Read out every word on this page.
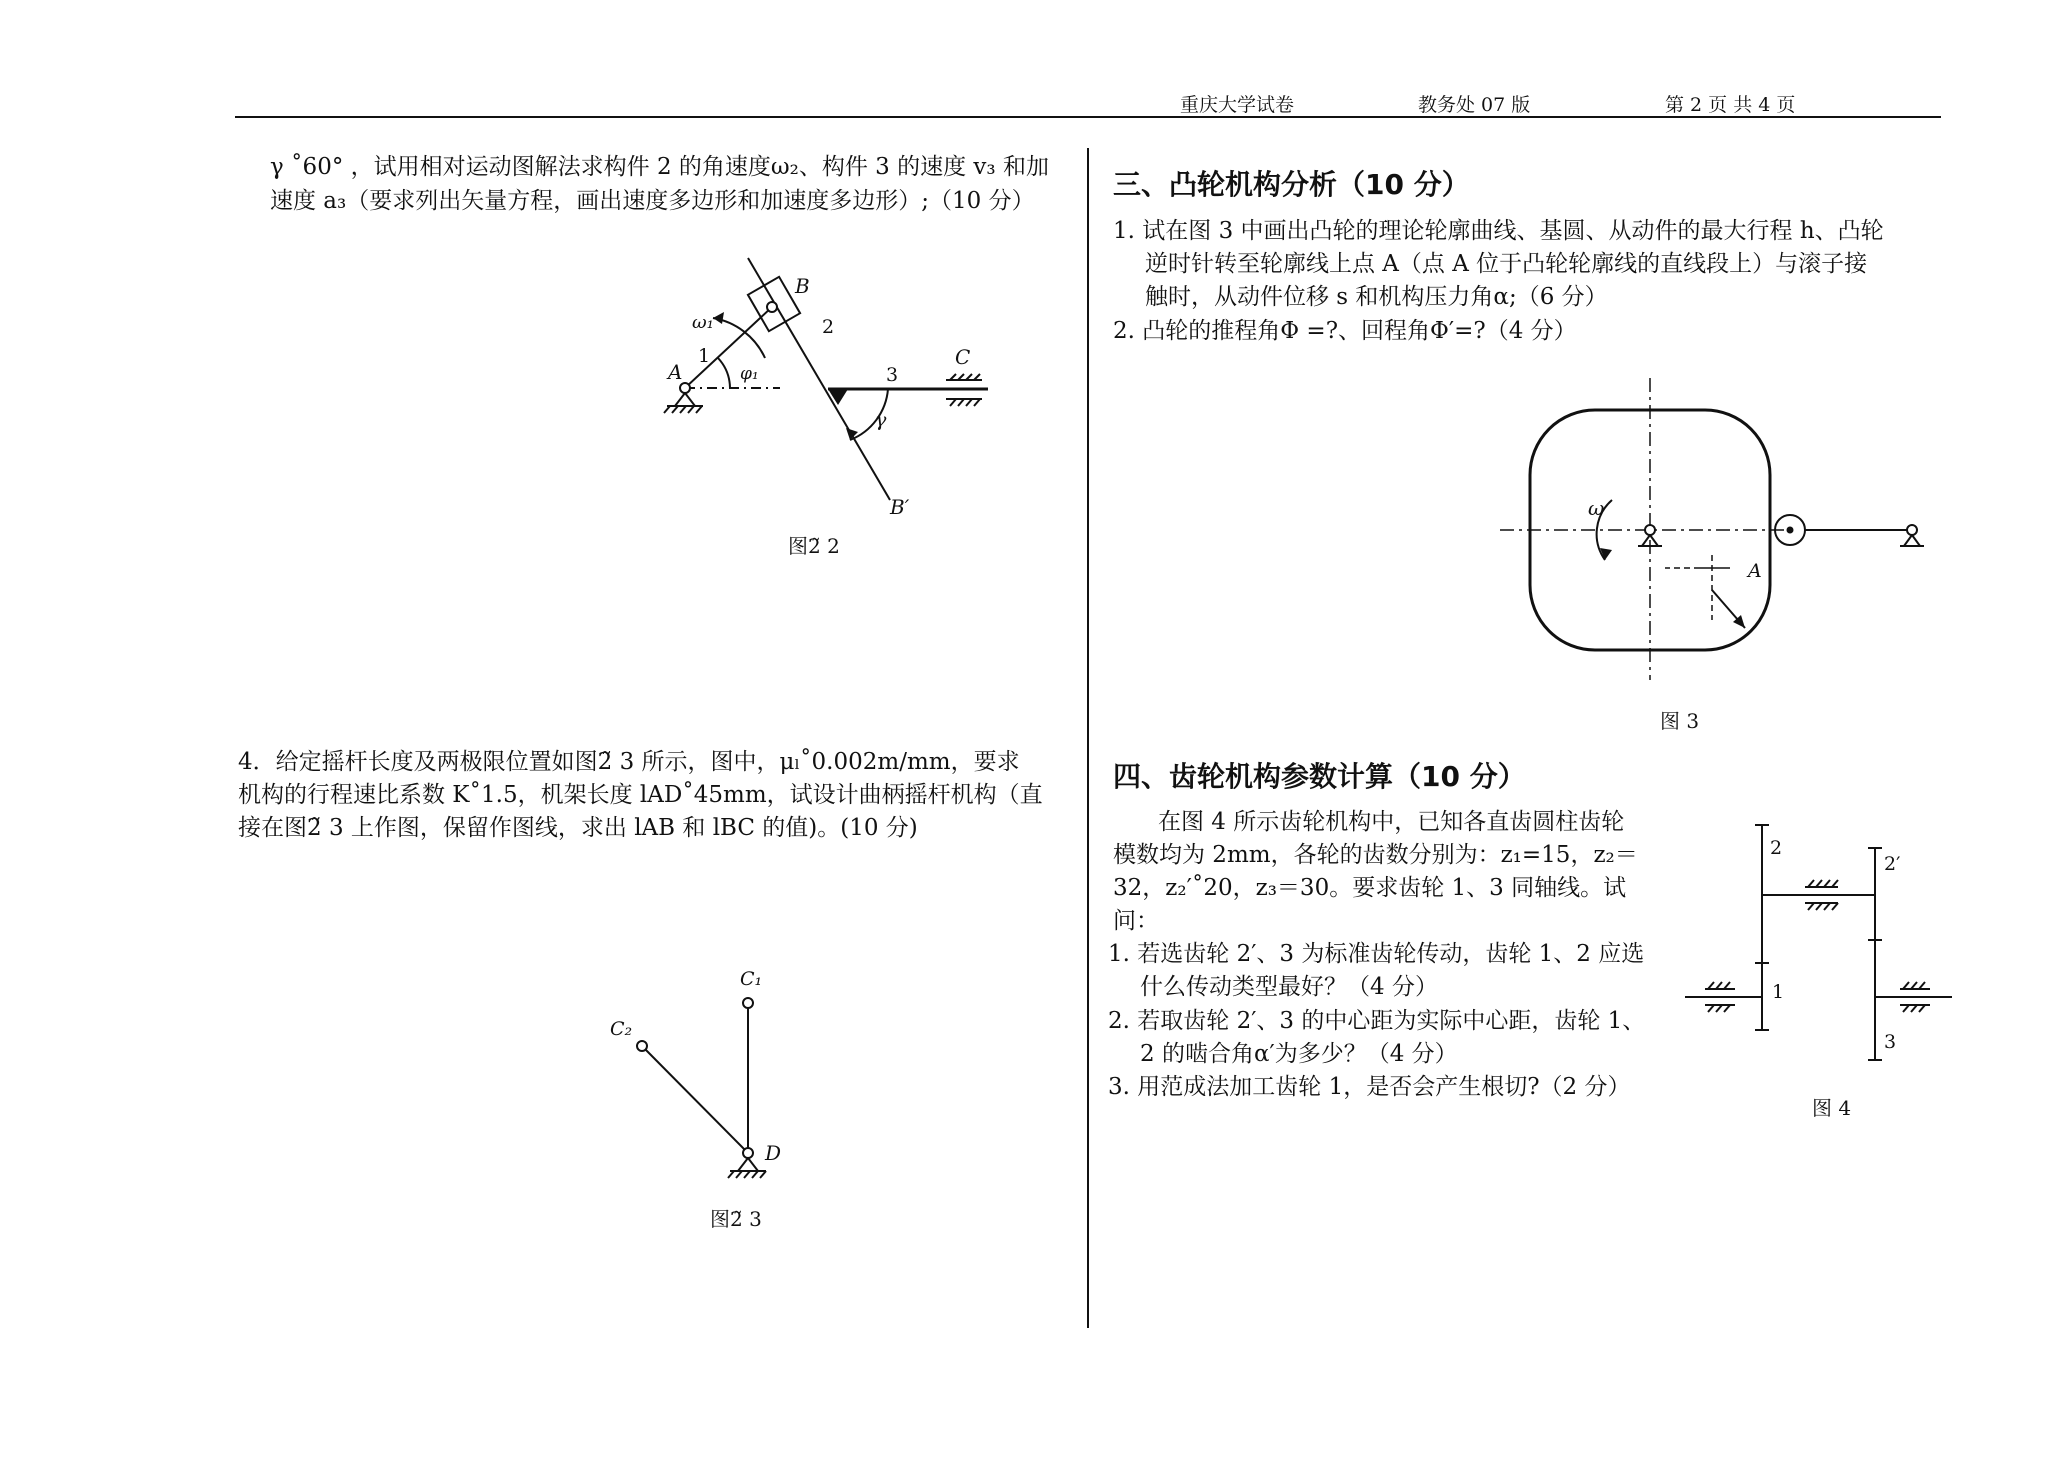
重庆大学试卷	教务处 07 版	第 2 页 共 4 页
γ ˚60° ，试用相对运动图解法求构件 2 的角速度ω₂、构件 3 的速度 v₃ 和加
速度 a₃（要求列出矢量方程，画出速度多边形和加速度多边形）;（10 分）
B
ω₁
1
2
A	φ₁	3
C
γ
B′
图2̃ 2
4．给定摇杆长度及两极限位置如图2̃ 3 所示，图中，μₗ˚0.002m/mm，要求
机构的行程速比系数 K˚1.5，机架长度 lAD˚45mm，试设计曲柄摇杆机构（直
接在图2̃ 3 上作图，保留作图线，求出 lAB 和 lBC 的值)。(10 分)
C₁
C₂
D
图2̃ 3
三、凸轮机构分析（10 分）
1. 试在图 3 中画出凸轮的理论轮廓曲线、基圆、从动件的最大行程 h、凸轮
逆时针转至轮廓线上点 A（点 A 位于凸轮轮廓线的直线段上）与滚子接
触时，从动件位移 s 和机构压力角α;（6 分）
2. 凸轮的推程角Φ =?、回程角Φ′=?（4 分）
ω
A
图 3
四、齿轮机构参数计算（10 分）
在图 4 所示齿轮机构中，已知各直齿圆柱齿轮
模数均为 2mm，各轮的齿数分别为：z₁=15，z₂＝
32，z₂′˚20，z₃＝30。要求齿轮 1、3 同轴线。试
问：
1. 若选齿轮 2′、3 为标准齿轮传动，齿轮 1、2 应选
什么传动类型最好？（4 分）
2. 若取齿轮 2′、3 的中心距为实际中心距，齿轮 1、
2 的啮合角α′为多少？（4 分）
3. 用范成法加工齿轮 1，是否会产生根切?（2 分）
2
2′
1
3
图 4
